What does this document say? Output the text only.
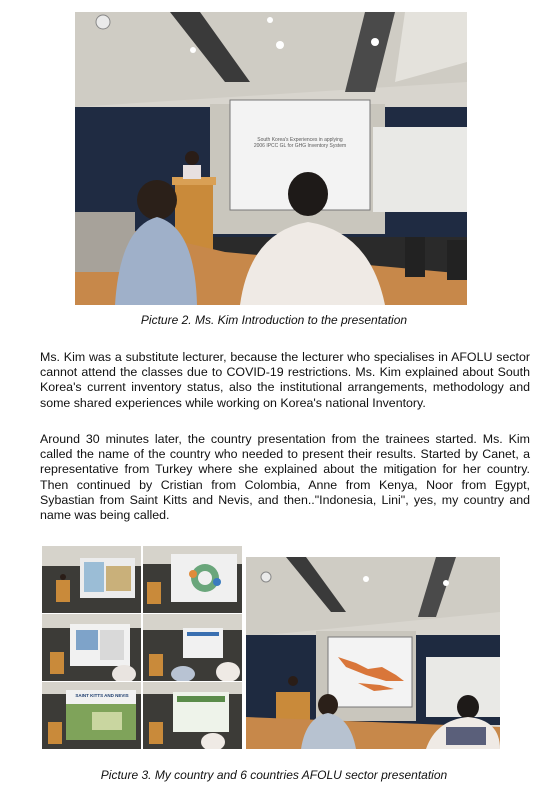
South Korea's Experiences in applying
2006 IPCC GL for GHG Inventory System
Picture 2. Ms. Kim Introduction to the presentation

Ms. Kim was a substitute lecturer, because the lecturer who specialises in AFOLU sector cannot attend the classes due to COVID-19 restrictions. Ms. Kim explained about South Korea's current inventory status, also the institutional arrangements, methodology and some shared experiences while working on Korea's national Inventory.

Around 30 minutes later, the country presentation from the trainees started. Ms. Kim called the name of the country who needed to present their results. Started by Canet, a representative from Turkey where she explained about the mitigation for her country. Then continued by Cristian from Colombia, Anne from Kenya, Noor from Egypt, Sybastian from Saint Kitts and Nevis, and then.."Indonesia, Lini", yes, my country and name was being called.

SAINT KITTS AND NEVIS
Picture 3. My country and 6 countries AFOLU sector presentation
